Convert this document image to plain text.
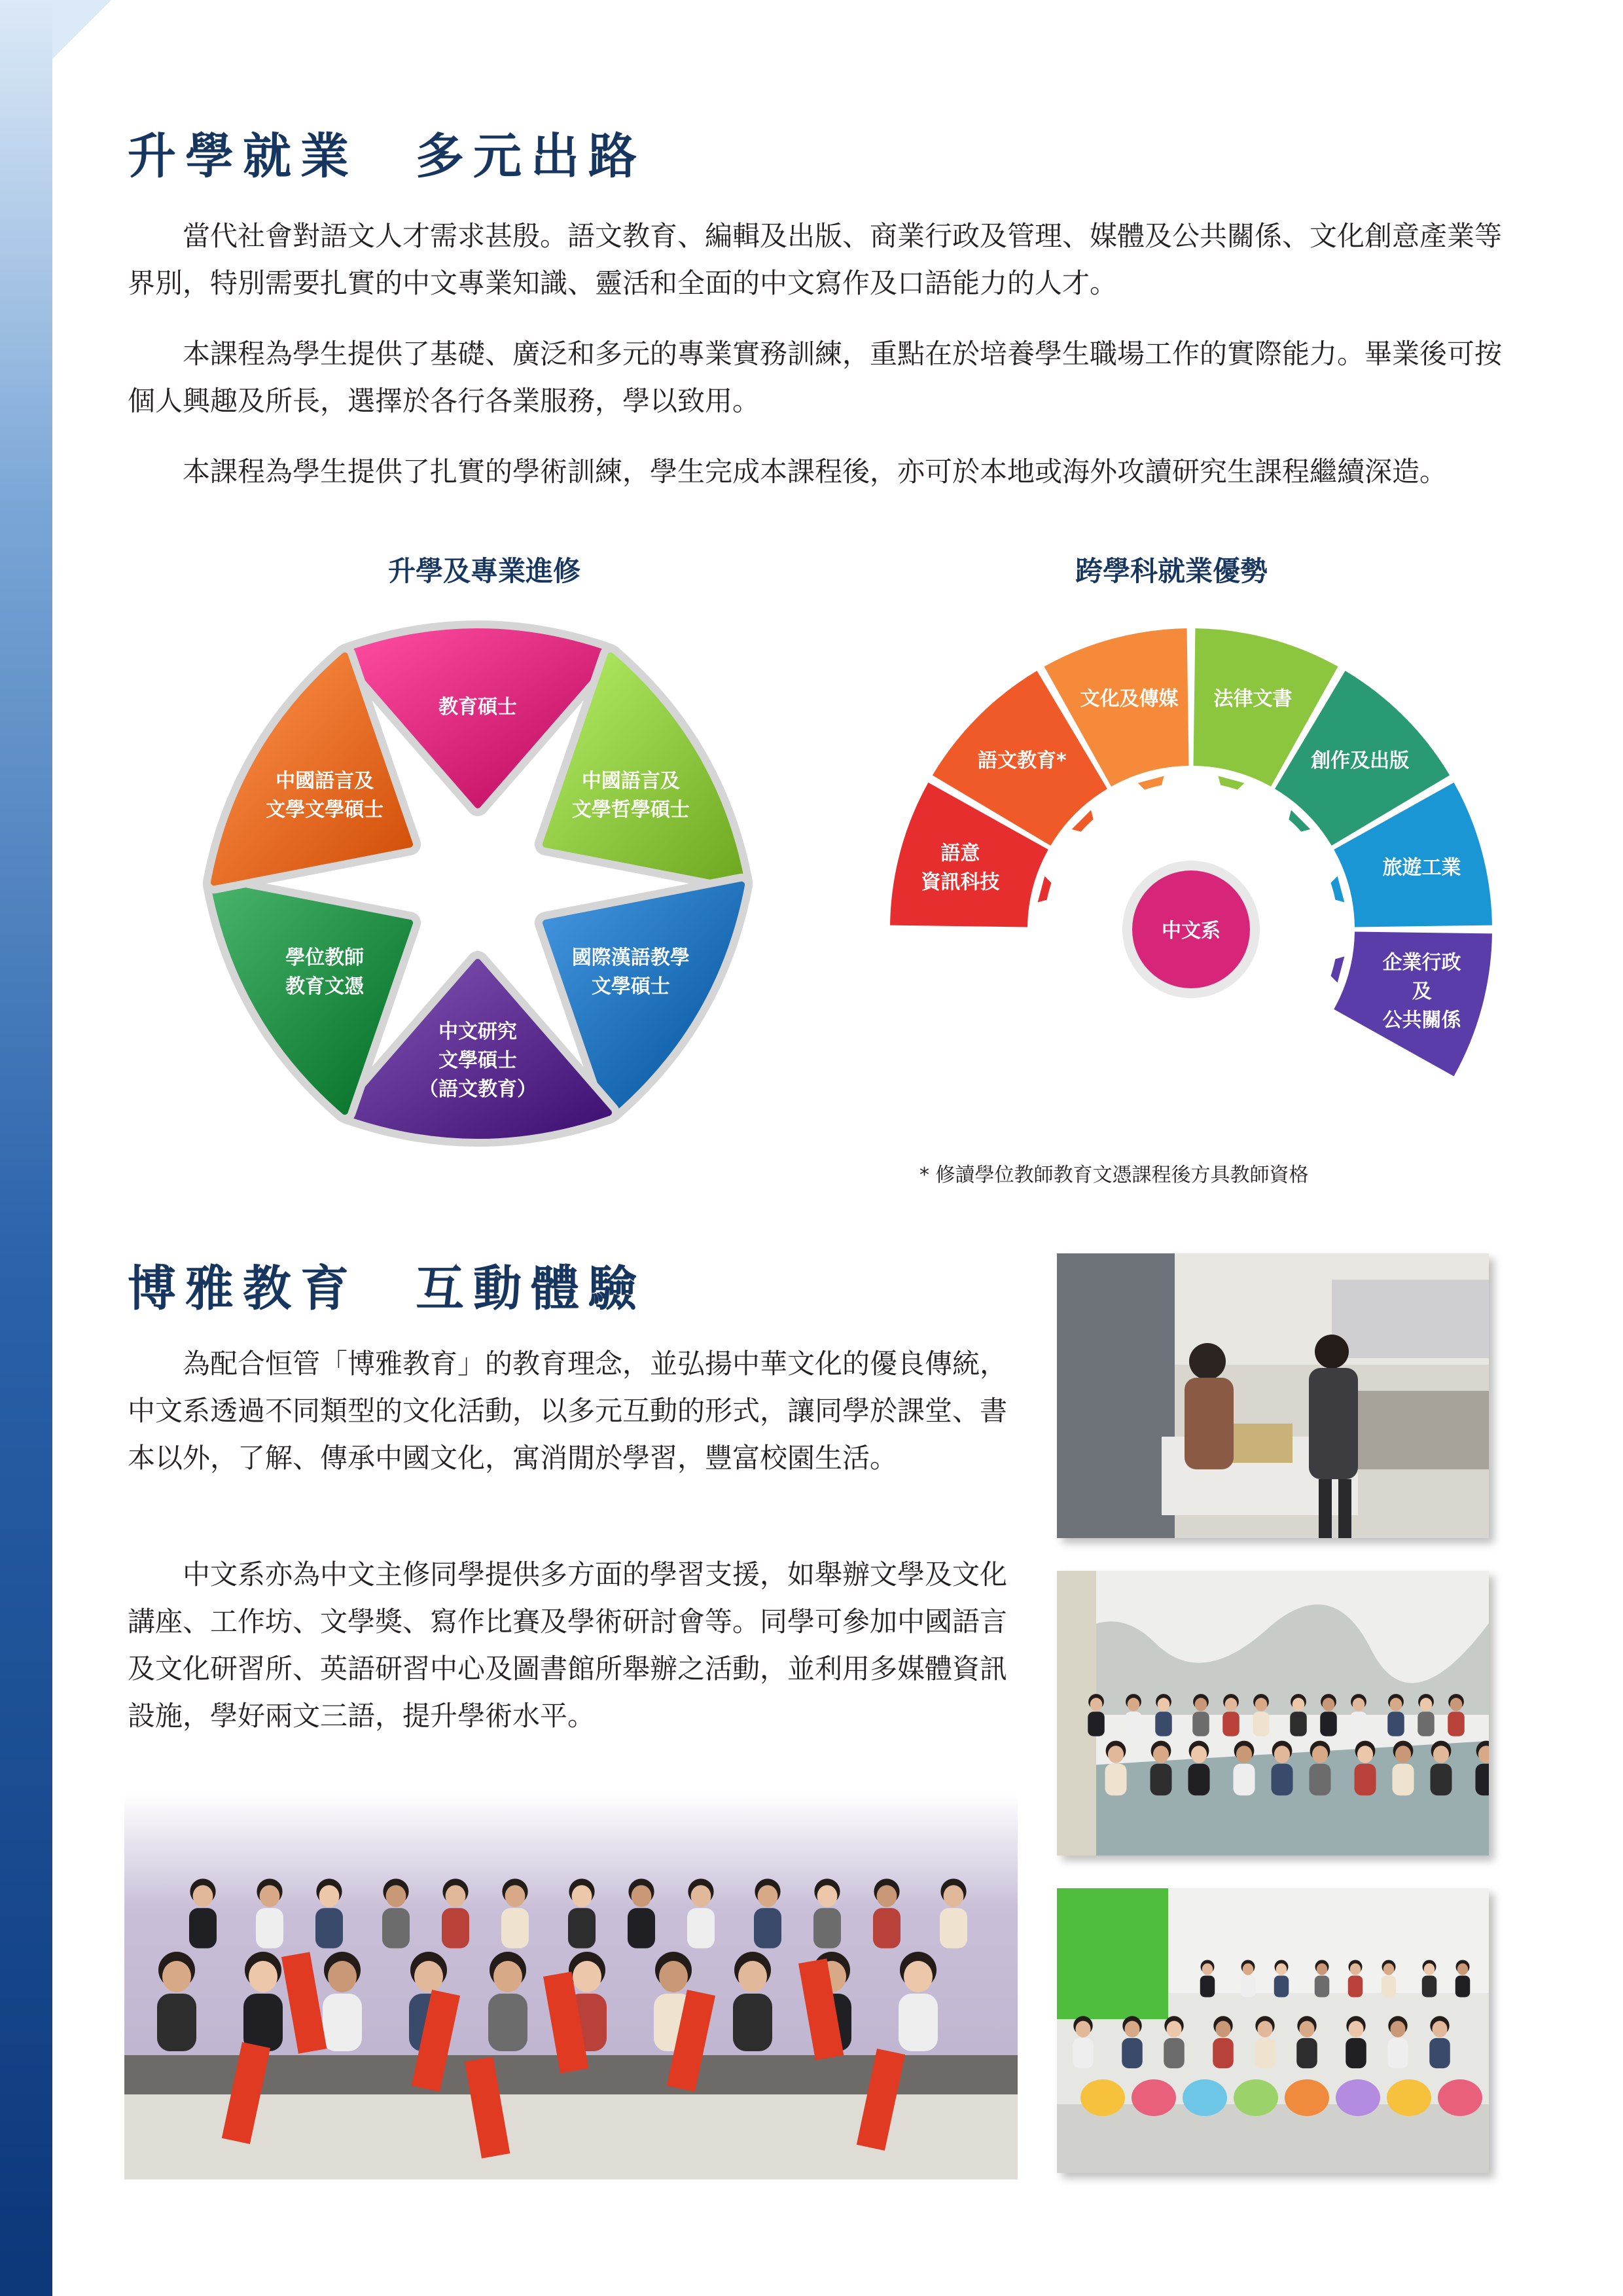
升學就業　多元出路

當代社會對語文人才需求甚殷。語文教育、編輯及出版、商業行政及管理、媒體及公共關係、文化創意產業等界別，特別需要扎實的中文專業知識、靈活和全面的中文寫作及口語能力的人才。

本課程為學生提供了基礎、廣泛和多元的專業實務訓練，重點在於培養學生職場工作的實際能力。畢業後可按個人興趣及所長，選擇於各行各業服務，學以致用。

本課程為學生提供了扎實的學術訓練，學生完成本課程後，亦可於本地或海外攻讀研究生課程繼續深造。

升學及專業進修
教育碩士
中國語言及
文學哲學碩士
國際漢語教學
文學碩士
中文研究
文學碩士
（語文教育）
學位教師
教育文憑
中國語言及
文學文學碩士
跨學科就業優勢
語意
資訊科技
語文教育*
文化及傳媒 法律文書
創作及出版
旅遊工業
企業行政
及
公共關係
中文系

* 修讀學位教師教育文憑課程後方具教師資格

博雅教育　互動體驗

為配合恒管「博雅教育」的教育理念，並弘揚中華文化的優良傳統，中文系透過不同類型的文化活動，以多元互動的形式，讓同學於課堂、書本以外，了解、傳承中國文化，寓消閒於學習，豐富校園生活。

中文系亦為中文主修同學提供多方面的學習支援，如舉辦文學及文化講座、工作坊、文學獎、寫作比賽及學術研討會等。同學可參加中國語言及文化研習所、英語研習中心及圖書館所舉辦之活動，並利用多媒體資訊設施，學好兩文三語，提升學術水平。
